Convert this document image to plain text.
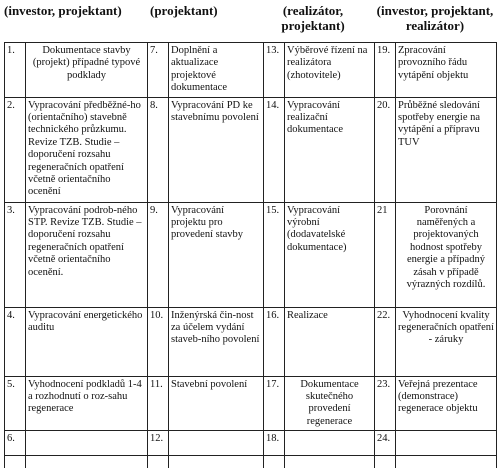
(investor, projektant)	(projektant)	(realizátor,
projektant)
(investor, projektant,
realizátor)
1.	Dokumentace stavby (projekt) případné typové podklady	7.	Doplnění a aktualizace projektové dokumentace	13.	Výběrové řízení na realizátora (zhotovitele)	19.	Zpracování provozního řádu vytápění objektu
2.	Vypracování předběžné-ho (orientačního) stavebně technického průzkumu. Revize TZB. Studie – doporučení rozsahu regeneračních opatření včetně orientačního ocenění	8.	Vypracování PD ke stavebnímu povolení	14.	Vypracování realizační dokumentace	20.	Průběžné sledování spotřeby energie na vytápění a přípravu TUV
3.	Vypracování podrob-ného STP. Revize TZB. Studie –doporučení rozsahu regeneračních opatření včetně orientačního ocenění.	9.	Vypracování projektu pro provedení stavby	15.	Vypracování výrobní (dodavatelské dokumentace)	21	Porovnání naměřených a projektovaných hodnost spotřeby energie a případný zásah v případě výrazných rozdílů.
4.	Vypracování energetického auditu	10.	Inženýrská čin-nost za účelem vydání staveb-ního povolení	16.	Realizace	22.	Vyhodnocení kvality regeneračních opatření - záruky
5.	Vyhodnocení podkladů 1-4 a rozhodnutí o roz-sahu regenerace	11.	Stavební povolení	17.	Dokumentace skutečného provedení regenerace	23.	Veřejná prezentace (demonstrace) regenerace objektu
6.		12.		18.		24.	
